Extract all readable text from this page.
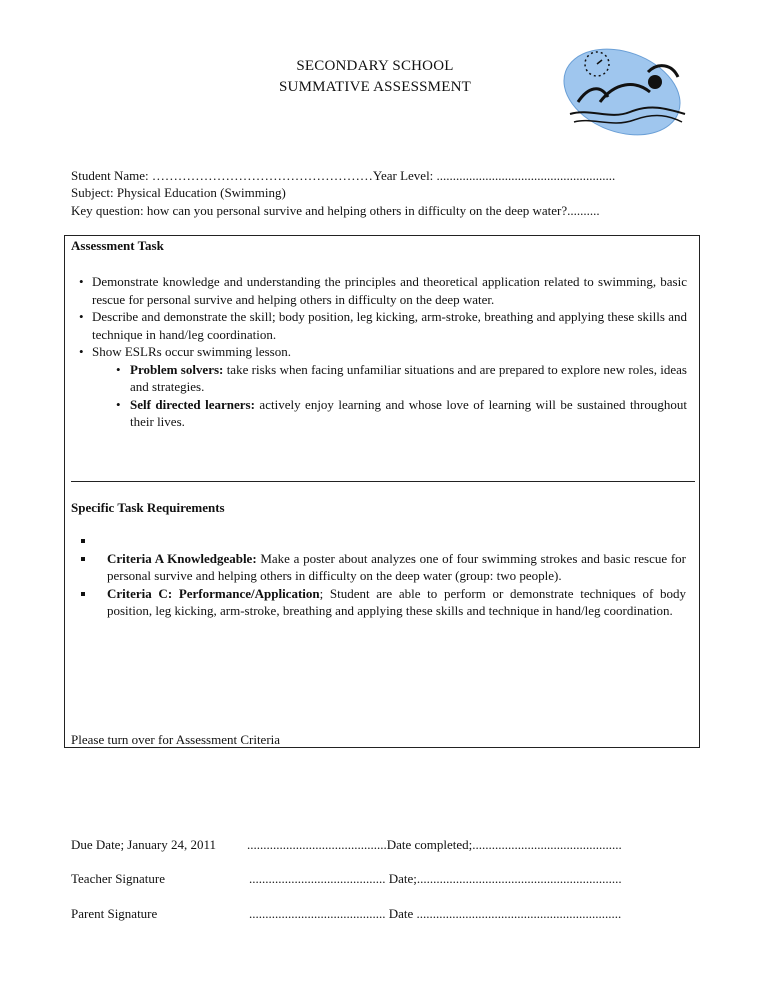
SECONDARY SCHOOL
SUMMATIVE ASSESSMENT
Student Name: ……………………………………………Year Level: .......................................................
Subject: Physical Education (Swimming)
Key question: how can you personal survive and helping others in difficulty on the deep water?..........
Assessment Task
• Demonstrate knowledge and understanding the principles and theoretical application related to swimming, basic rescue for personal survive and helping others in difficulty on the deep water.
• Describe and demonstrate the skill; body position, leg kicking, arm-stroke, breathing and applying these skills and technique in hand/leg coordination.
• Show ESLRs occur swimming lesson.
• Problem solvers: take risks when facing unfamiliar situations and are prepared to explore new roles, ideas and strategies.
• Self directed learners: actively enjoy learning and whose love of learning will be sustained throughout their lives.
Specific Task Requirements
Criteria A Knowledgeable: Make a poster about analyzes one of four swimming strokes and basic rescue for personal survive and helping others in difficulty on the deep water (group: two people).
Criteria C: Performance/Application; Student are able to perform or demonstrate techniques of body position, leg kicking, arm-stroke, breathing and applying these skills and technique in hand/leg coordination.
Please turn over for Assessment Criteria
Due Date; January 24, 2011 ...........................................Date completed;..............................................
Teacher Signature	.......................................... Date;...............................................................
Parent Signature	.......................................... Date ...............................................................
